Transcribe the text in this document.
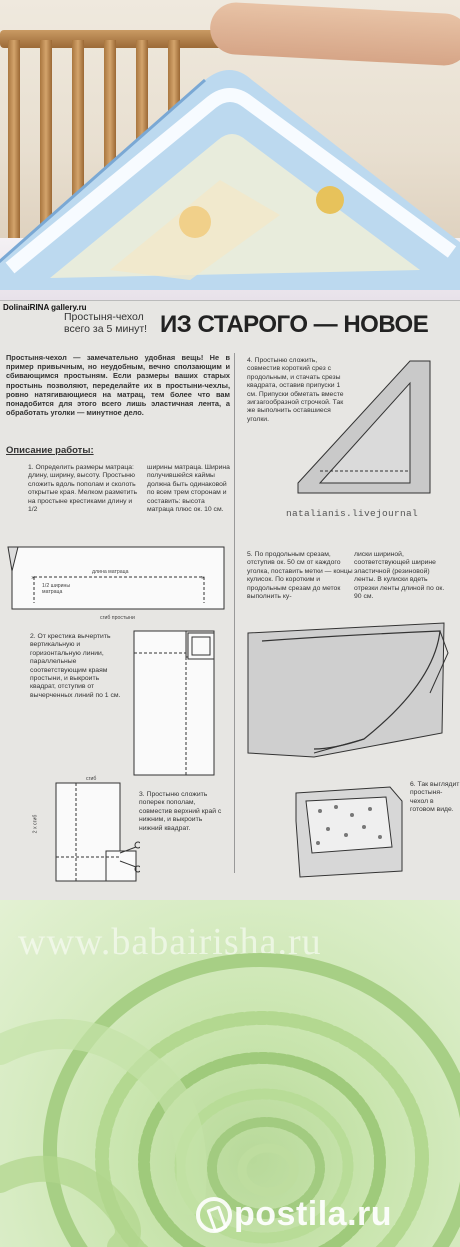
DolinaiRINA gallery.ru
Простыня-чехол
всего за 5 минут! ИЗ СТАРОГО — НОВОЕ
Простыня-чехол — замечательно удобная вещь! Не в пример привычным, но неудобным, вечно сползающим и сбивающимся простыням. Если размеры ваших старых простынь позволяют, переделайте их в простыни-чехлы, ровно натягивающиеся на матрац, тем более что вам понадобится для этого всего лишь эластичная лента, а обработать уголки — минутное дело.
Описание работы:
1. Определить размеры матраца: длину, ширину, высоту. Простыню сложить вдоль пополам и сколоть открытые края. Мелком разметить на простыне крестиками длину и 1/2
ширины матраца. Ширина получившейся каймы должна быть одинаковой по всем трем сторонам и составить: высота матраца плюс ок. 10 см.
×	×
длина матраца
1/2 ширины матраца
сгиб простыни
2. От крестика вычертить вертикальную и горизонтальную линии, параллельные соответствующим краям простыни, и выкроить квадрат, отступив от вычерченных линий по 1 см.
сгиб
2 х сгиб
3. Простыню сложить поперек пополам, совместив верхний край с нижним, и выкроить нижний квадрат.
4. Простыню сложить, совместив короткий срез с продольным, и стачать срезы квадрата, оставив припуски 1 см. Припуски обметать вместе зигзагообразной строчкой. Так же выполнить оставшиеся уголки.
natalianis.livejournal
5. По продольным срезам, отступив ок. 50 см от каждого уголка, поставить метки — концы кулисок. По коротким и продольным срезам до меток выполнить ку-
лиски шириной, соответствующей ширине эластичной (резиновой) ленты. В кулиски вдеть отрезки ленты длиной по ок. 90 см.
6. Так выглядит простыня-чехол в готовом виде.
www.babairisha.ru
postila.ru
